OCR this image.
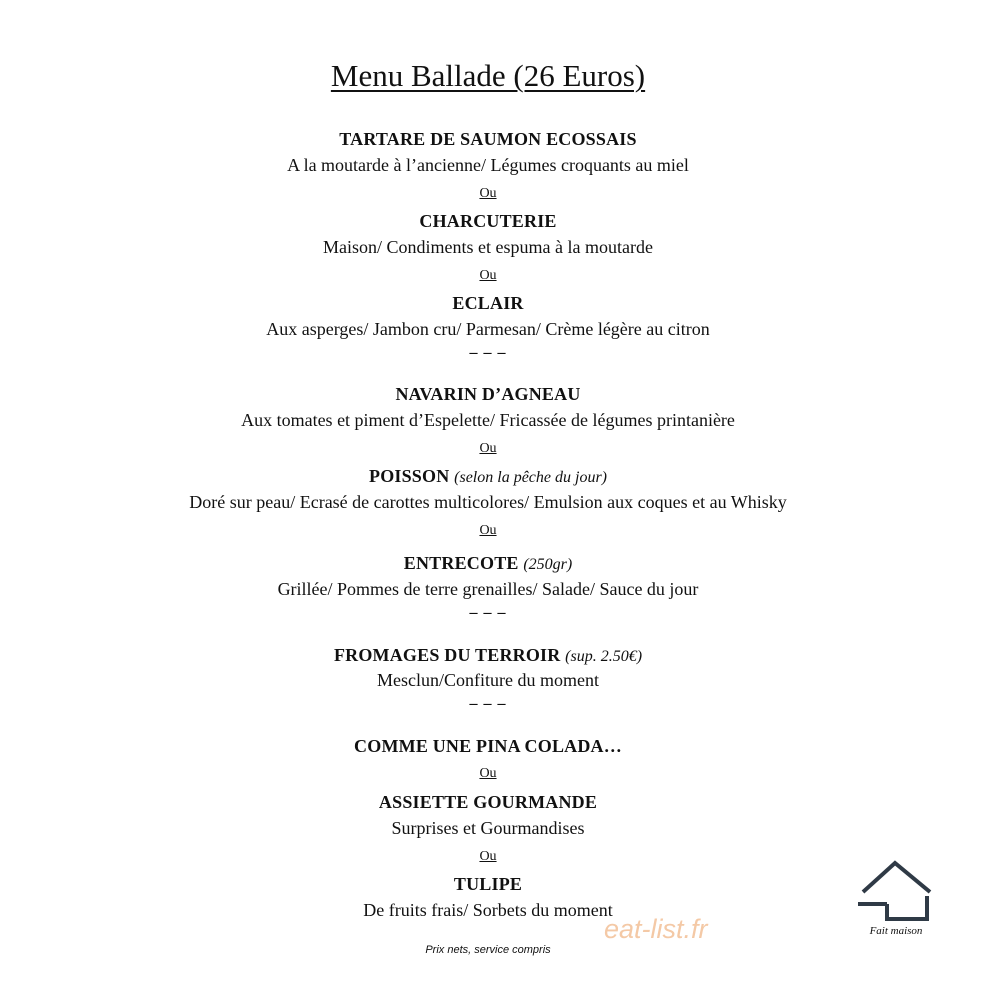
Menu Ballade (26 Euros)
TARTARE DE SAUMON ECOSSAIS
A la moutarde à l’ancienne/ Légumes croquants au miel
Ou
CHARCUTERIE
Maison/ Condiments et espuma à la moutarde
Ou
ECLAIR
Aux asperges/ Jambon cru/ Parmesan/ Crème légère au citron
– – –
NAVARIN D’AGNEAU
Aux tomates et piment d’Espelette/ Fricassée de légumes printanière
Ou
POISSON (selon la pêche du jour)
Doré sur peau/ Ecrasé de carottes multicolores/ Emulsion aux coques et au Whisky
Ou
ENTRECOTE (250gr)
Grillée/ Pommes de terre grenailles/ Salade/ Sauce du jour
– – –
FROMAGES DU TERROIR (sup. 2.50€)
Mesclun/Confiture du moment
– – –
COMME UNE PINA COLADA…
Ou
ASSIETTE GOURMANDE
Surprises et Gourmandises
Ou
TULIPE
De fruits frais/ Sorbets du moment
Prix nets, service compris
eat-list.fr	Fait maison
